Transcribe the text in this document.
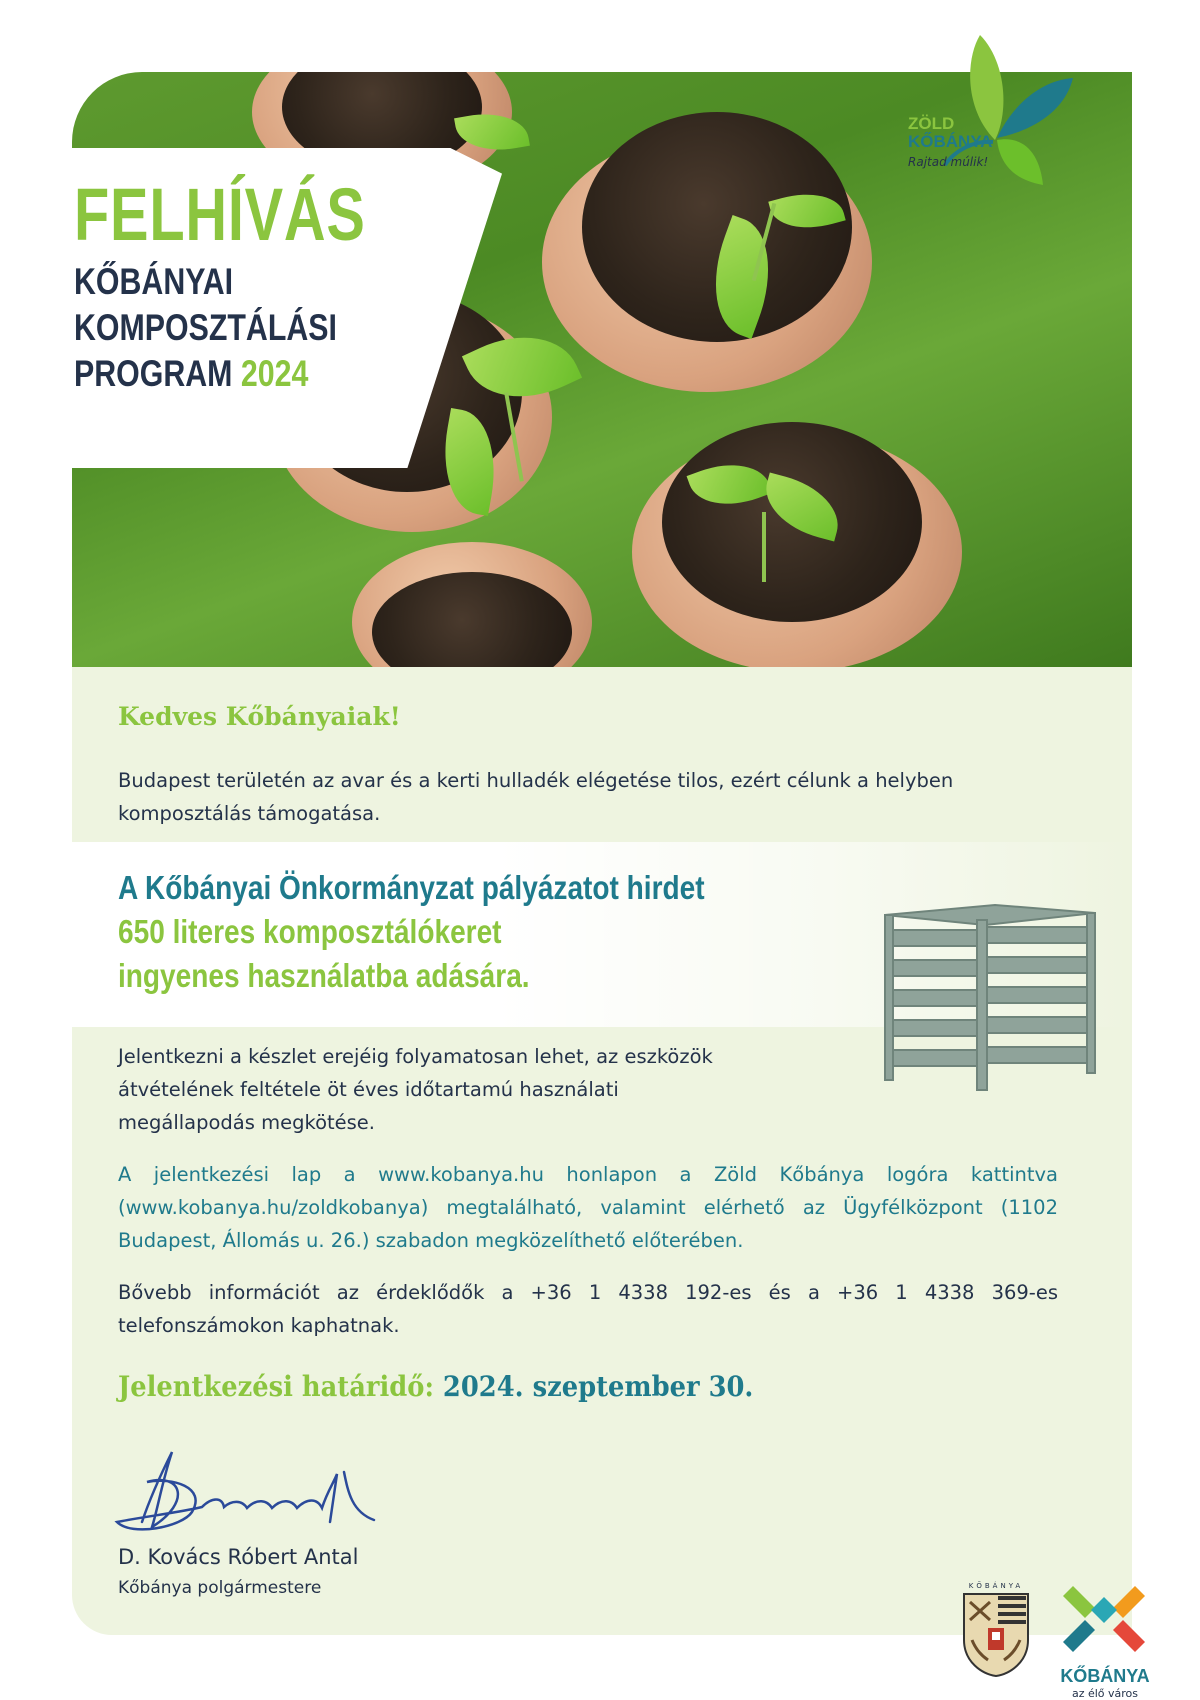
FELHÍVÁS
KŐBÁNYAI
KOMPOSZTÁLÁSI
PROGRAM 2024
ZÖLD
KŐBÁNYA
Rajtad múlik!
Kedves Kőbányaiak!
Budapest területén az avar és a kerti hulladék elégetése tilos, ezért célunk a helyben komposztálás támogatása.
A Kőbányai Önkormányzat pályázatot hirdet
650 literes komposztálókeret
ingyenes használatba adására.
Jelentkezni a készlet erejéig folyamatosan lehet, az eszközök átvételének feltétele öt éves időtartamú használati megállapodás megkötése.
A jelentkezési lap a www.kobanya.hu honlapon a Zöld Kőbánya logóra kattintva (www.kobanya.hu/zoldkobanya) megtalálható, valamint elérhető az Ügyfélközpont (1102 Budapest, Állomás u. 26.) szabadon megközelíthető előterében.
Bővebb információt az érdeklődők a +36 1 4338 192-es és a +36 1 4338 369-es telefonszámokon kaphatnak.
Jelentkezési határidő: 2024. szeptember 30.
D. Kovács Róbert Antal
Kőbánya polgármestere	KŐBÁNYA
KŐBÁNYA
az élő város
